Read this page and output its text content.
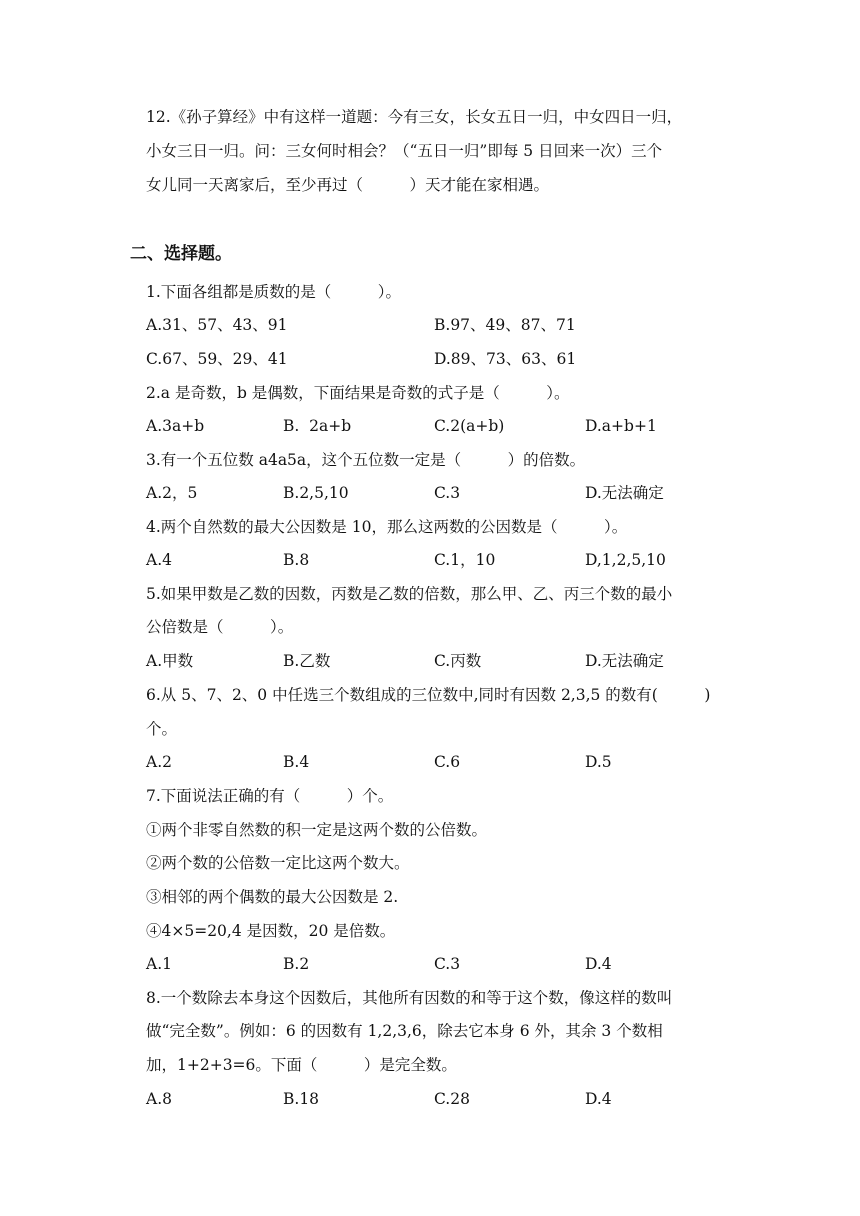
12.《孙子算经》中有这样一道题：今有三女，长女五日一归，中女四日一归，
小女三日一归。问：三女何时相会？（“五日一归”即每 5 日回来一次）三个
女儿同一天离家后，至少再过（　　　）天才能在家相遇。
二、选择题。
1.下面各组都是质数的是（　　　）。
A.31、57、43、91	B.97、49、87、71
C.67、59、29、41	D.89、73、63、61
2.a 是奇数，b 是偶数，下面结果是奇数的式子是（　　　）。
A.3a+b	B.  2a+b	C.2(a+b)	D.a+b+1
3.有一个五位数 a4a5a，这个五位数一定是（　　　）的倍数。
A.2，5	B.2,5,10	C.3	D.无法确定
4.两个自然数的最大公因数是 10，那么这两数的公因数是（　　　）。
A.4	B.8	C.1，10	D,1,2,5,10
5.如果甲数是乙数的因数，丙数是乙数的倍数，那么甲、乙、丙三个数的最小
公倍数是（　　　）。
A.甲数	B.乙数	C.丙数	D.无法确定
6.从 5、7、2、0 中任选三个数组成的三位数中,同时有因数 2,3,5 的数有(　　　)
个。
A.2	B.4	C.6	D.5
7.下面说法正确的有（　　　）个。
①两个非零自然数的积一定是这两个数的公倍数。
②两个数的公倍数一定比这两个数大。
③相邻的两个偶数的最大公因数是 2.
④4×5=20,4 是因数，20 是倍数。
A.1	B.2	C.3	D.4
8.一个数除去本身这个因数后，其他所有因数的和等于这个数，像这样的数叫
做“完全数”。例如：6 的因数有 1,2,3,6，除去它本身 6 外，其余 3 个数相
加，1+2+3=6。下面（　　　）是完全数。
A.8	B.18	C.28	D.4
